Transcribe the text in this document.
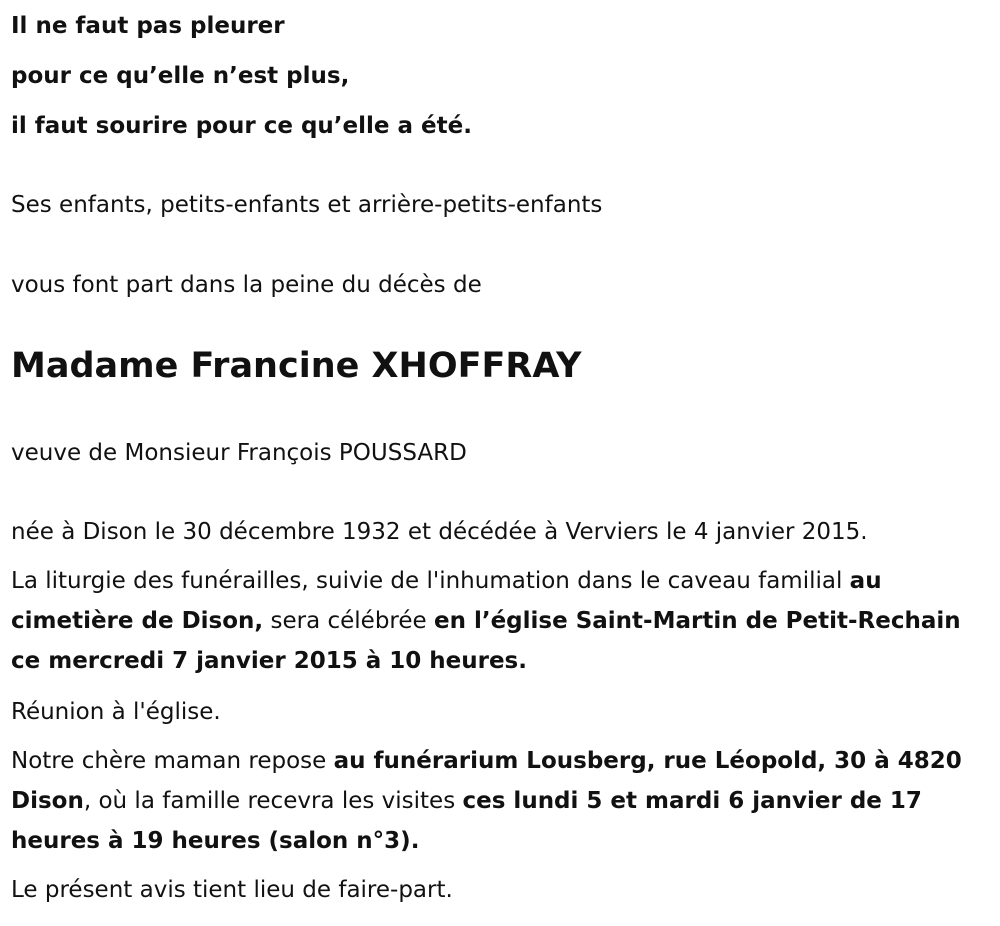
Il ne faut pas pleurer
pour ce qu’elle n’est plus,
il faut sourire pour ce qu’elle a été.
Ses enfants, petits-enfants et arrière-petits-enfants
vous font part dans la peine du décès de
Madame Francine XHOFFRAY
veuve de Monsieur François POUSSARD
née à Dison le 30 décembre 1932 et décédée à Verviers le 4 janvier 2015.
La liturgie des funérailles, suivie de l'inhumation dans le caveau familial au cimetière de Dison, sera célébrée en l’église Saint-Martin de Petit-Rechain ce mercredi 7 janvier 2015 à 10 heures.
Réunion à l'église.
Notre chère maman repose au funérarium Lousberg, rue Léopold, 30 à 4820 Dison, où la famille recevra les visites ces lundi 5 et mardi 6 janvier de 17 heures à 19 heures (salon n°3).
Le présent avis tient lieu de faire-part.
